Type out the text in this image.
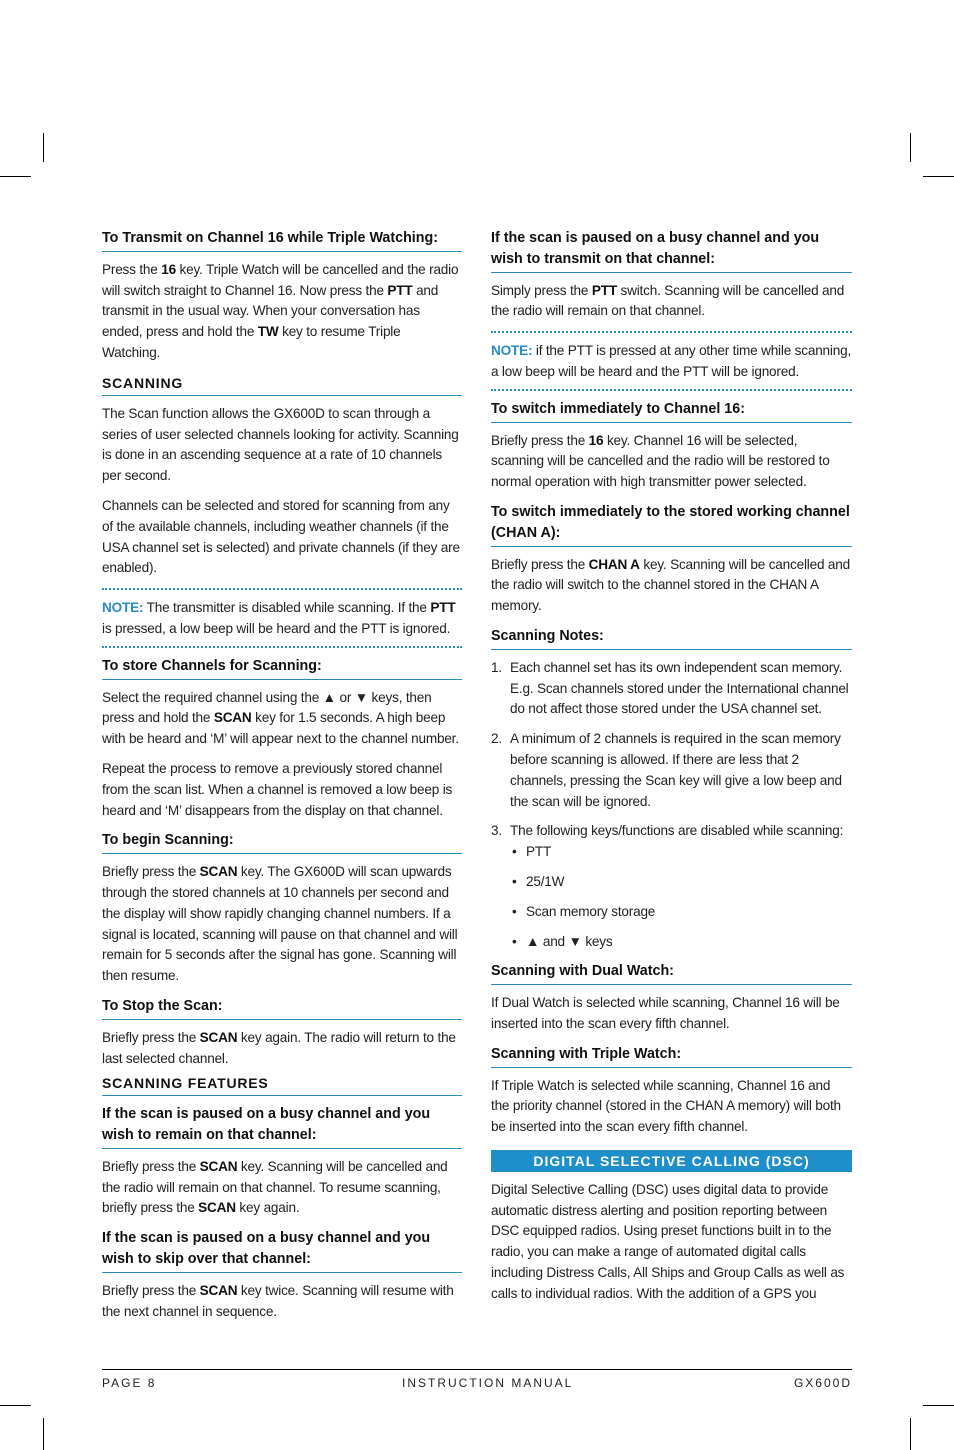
To Transmit on Channel 16 while Triple Watching:

Press the 16 key. Triple Watch will be cancelled and the radio will switch straight to Channel 16. Now press the PTT and transmit in the usual way. When your conversation has ended, press and hold the TW key to resume Triple Watching.

SCANNING

The Scan function allows the GX600D to scan through a series of user selected channels looking for activity. Scanning is done in an ascending sequence at a rate of 10 channels per second.

Channels can be selected and stored for scanning from any of the available channels, including weather channels (if the USA channel set is selected) and private channels (if they are enabled).

NOTE: The transmitter is disabled while scanning. If the PTT is pressed, a low beep will be heard and the PTT is ignored.

To store Channels for Scanning:

Select the required channel using the ▲ or ▼ keys, then press and hold the SCAN key for 1.5 seconds. A high beep with be heard and ‘M’ will appear next to the channel number.

Repeat the process to remove a previously stored channel from the scan list. When a channel is removed a low beep is heard and ‘M’ disappears from the display on that channel.

To begin Scanning:

Briefly press the SCAN key. The GX600D will scan upwards through the stored channels at 10 channels per second and the display will show rapidly changing channel numbers. If a signal is located, scanning will pause on that channel and will remain for 5 seconds after the signal has gone. Scanning will then resume.

To Stop the Scan:

Briefly press the SCAN key again. The radio will return to the last selected channel.

SCANNING FEATURES
If the scan is paused on a busy channel and you wish to remain on that channel:

Briefly press the SCAN key. Scanning will be cancelled and the radio will remain on that channel. To resume scanning, briefly press the SCAN key again.

If the scan is paused on a busy channel and you wish to skip over that channel:

Briefly press the SCAN key twice. Scanning will resume with the next channel in sequence.

If the scan is paused on a busy channel and you wish to transmit on that channel:

Simply press the PTT switch. Scanning will be cancelled and the radio will remain on that channel.

NOTE: if the PTT is pressed at any other time while scanning, a low beep will be heard and the PTT will be ignored.

To switch immediately to Channel 16:

Briefly press the 16 key. Channel 16 will be selected, scanning will be cancelled and the radio will be restored to normal operation with high transmitter power selected.

To switch immediately to the stored working channel (CHAN A):

Briefly press the CHAN A key. Scanning will be cancelled and the radio will switch to the channel stored in the CHAN A memory.

Scanning Notes:
1. Each channel set has its own independent scan memory. E.g. Scan channels stored under the International channel do not affect those stored under the USA channel set.
2. A minimum of 2 channels is required in the scan memory before scanning is allowed. If there are less that 2 channels, pressing the Scan key will give a low beep and the scan will be ignored.
3. The following keys/functions are disabled while scanning:
• PTT
• 25/1W
• Scan memory storage
• ▲ and ▼ keys
Scanning with Dual Watch:

If Dual Watch is selected while scanning, Channel 16 will be inserted into the scan every fifth channel.

Scanning with Triple Watch:

If Triple Watch is selected while scanning, Channel 16 and the priority channel (stored in the CHAN A memory) will both be inserted into the scan every fifth channel.

DIGITAL SELECTIVE CALLING (DSC)

Digital Selective Calling (DSC) uses digital data to provide automatic distress alerting and position reporting between DSC equipped radios. Using preset functions built in to the radio, you can make a range of automated digital calls including Distress Calls, All Ships and Group Calls as well as calls to individual radios. With the addition of a GPS you

PAGE 8	INSTRUCTION MANUAL	GX600D
